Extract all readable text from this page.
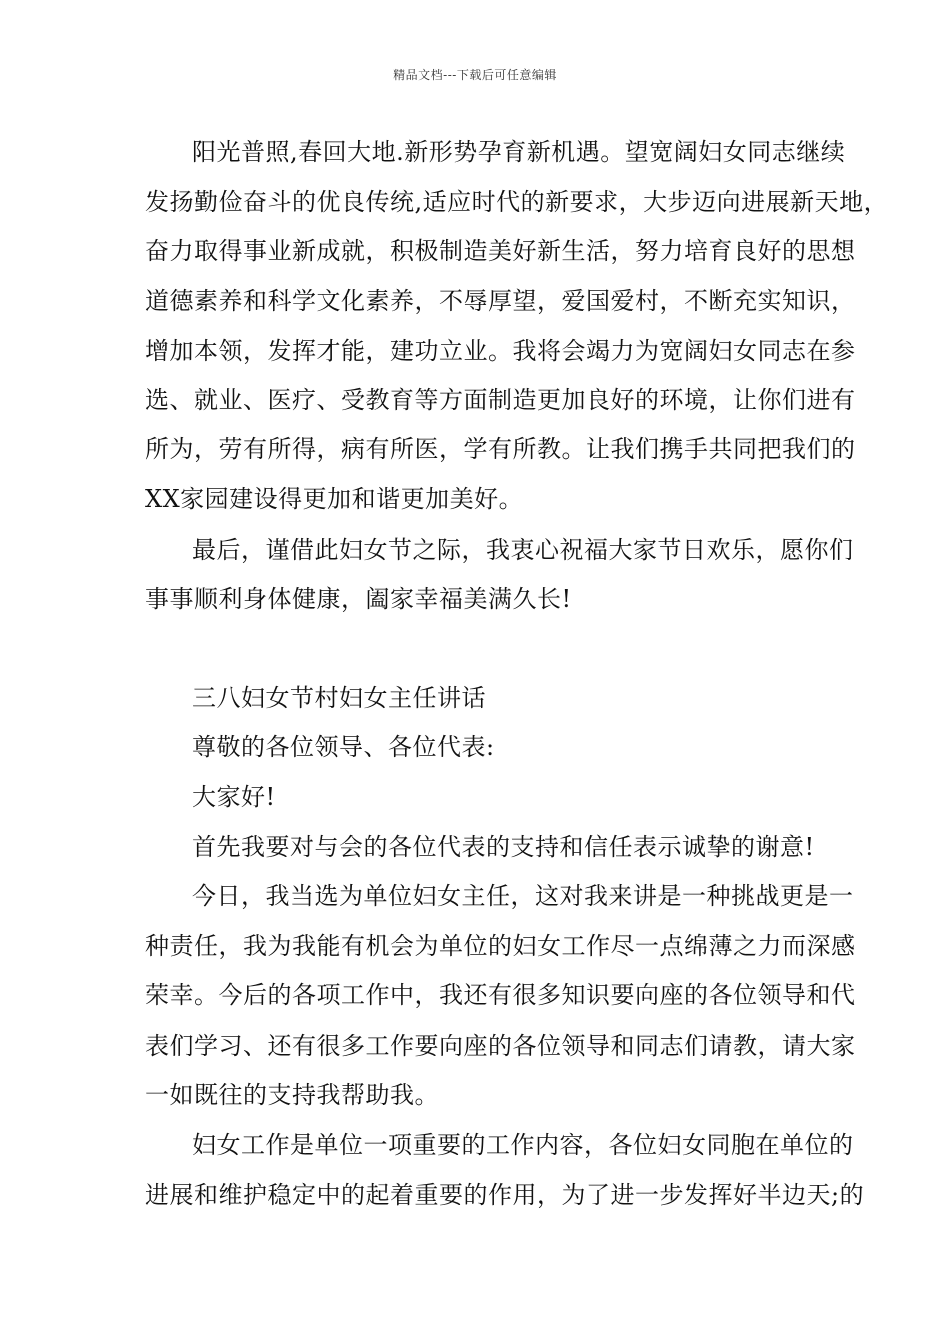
精品文档---下载后可任意编辑
阳光普照,春回大地.新形势孕育新机遇。望宽阔妇女同志继续
发扬勤俭奋斗的优良传统,适应时代的新要求，大步迈向进展新天地，
奋力取得事业新成就，积极制造美好新生活，努力培育良好的思想
道德素养和科学文化素养，不辱厚望，爱国爱村，不断充实知识，
增加本领，发挥才能，建功立业。我将会竭力为宽阔妇女同志在参
选、就业、医疗、受教育等方面制造更加良好的环境，让你们进有
所为，劳有所得，病有所医，学有所教。让我们携手共同把我们的
XX家园建设得更加和谐更加美好。
最后，谨借此妇女节之际，我衷心祝福大家节日欢乐，愿你们
事事顺利身体健康，阖家幸福美满久长!
三八妇女节村妇女主任讲话
尊敬的各位领导、各位代表:
大家好!
首先我要对与会的各位代表的支持和信任表示诚挚的谢意!
今日，我当选为单位妇女主任，这对我来讲是一种挑战更是一
种责任，我为我能有机会为单位的妇女工作尽一点绵薄之力而深感
荣幸。今后的各项工作中，我还有很多知识要向座的各位领导和代
表们学习、还有很多工作要向座的各位领导和同志们请教，请大家
一如既往的支持我帮助我。
妇女工作是单位一项重要的工作内容，各位妇女同胞在单位的
进展和维护稳定中的起着重要的作用，为了进一步发挥好半边天;的
